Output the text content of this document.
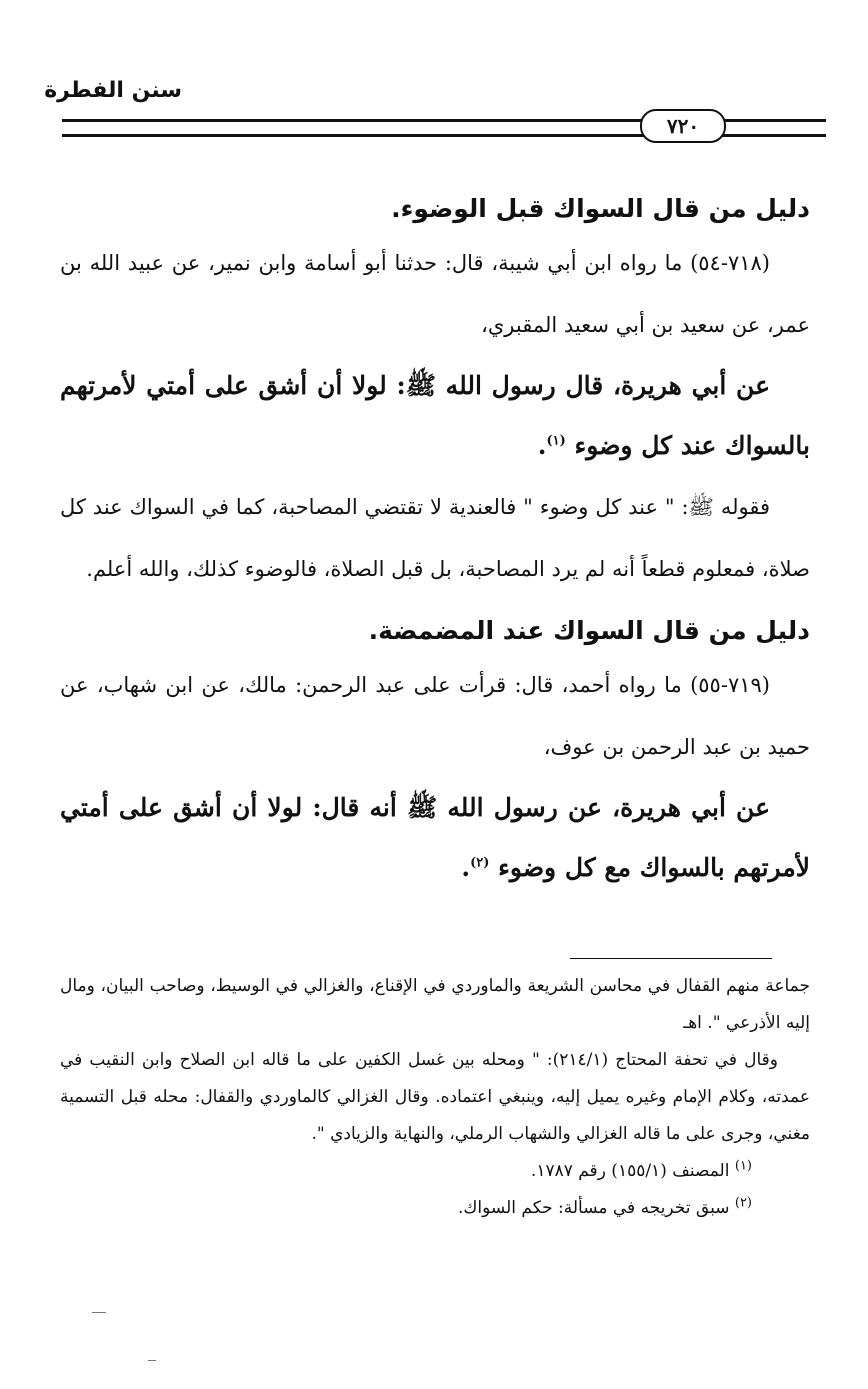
سنن الفطرة
٧٢٠
دليل من قال السواك قبل الوضوء.

(٧١٨-٥٤) ما رواه ابن أبي شيبة، قال: حدثنا أبو أسامة وابن نمير، عن عبيد الله بن عمر، عن سعيد بن أبي سعيد المقبري،

عن أبي هريرة، قال رسول الله ﷺ: لولا أن أشق على أمتي لأمرتهم بالسواك عند كل وضوء $^{(١)}$.

فقوله ﷺ: " عند كل وضوء " فالعندية لا تقتضي المصاحبة، كما في السواك عند كل صلاة، فمعلوم قطعاً أنه لم يرد المصاحبة، بل قبل الصلاة، فالوضوء كذلك، والله أعلم.

دليل من قال السواك عند المضمضة.

(٧١٩-٥٥) ما رواه أحمد، قال: قرأت على عبد الرحمن: مالك، عن ابن شهاب، عن حميد بن عبد الرحمن بن عوف،

عن أبي هريرة، عن رسول الله ﷺ أنه قال: لولا أن أشق على أمتي لأمرتهم بالسواك مع كل وضوء $^{(٢)}$.

جماعة منهم القفال في محاسن الشريعة والماوردي في الإقناع، والغزالي في الوسيط، وصاحب البيان، ومال إليه الأذرعي ". اهـ

وقال في تحفة المحتاج (٢١٤/١): " ومحله بين غسل الكفين على ما قاله ابن الصلاح وابن النقيب في عمدته، وكلام الإمام وغيره يميل إليه، وينبغي اعتماده. وقال الغزالي كالماوردي والقفال: محله قبل التسمية مغني، وجرى على ما قاله الغزالي والشهاب الرملي، والنهاية والزيادي ".

$^{(١)}$ المصنف (١٥٥/١) رقم ١٧٨٧.

$^{(٢)}$ سبق تخريجه في مسألة: حكم السواك.
